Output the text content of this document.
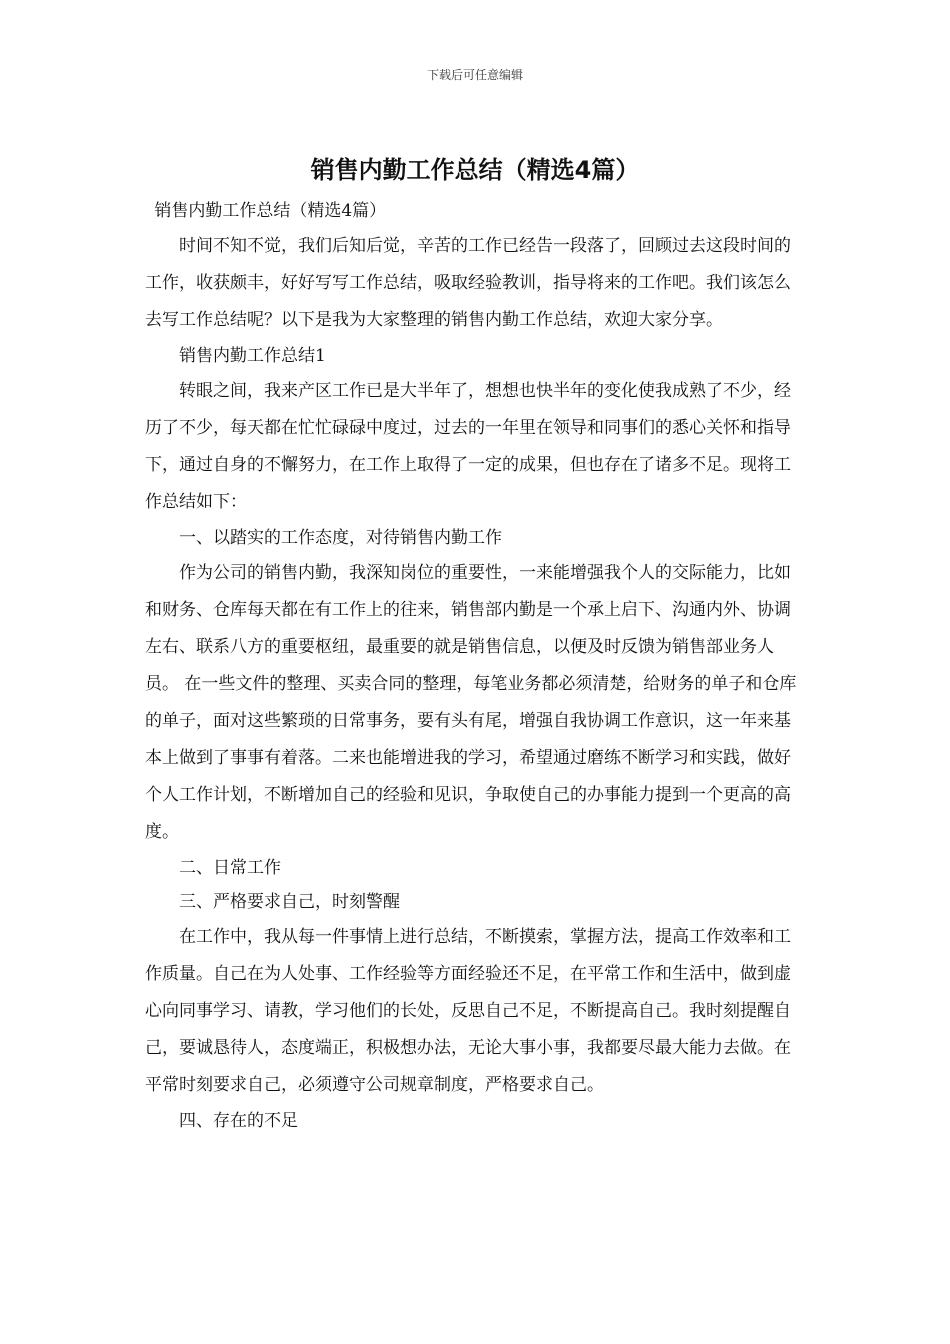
下载后可任意编辑
销售内勤工作总结（精选4篇）

销售内勤工作总结（精选4篇）

时间不知不觉，我们后知后觉，辛苦的工作已经告一段落了，回顾过去这段时间的工作，收获颇丰，好好写写工作总结，吸取经验教训，指导将来的工作吧。我们该怎么去写工作总结呢？以下是我为大家整理的销售内勤工作总结，欢迎大家分享。

销售内勤工作总结1

转眼之间，我来产区工作已是大半年了，想想也快半年的变化使我成熟了不少，经历了不少，每天都在忙忙碌碌中度过，过去的一年里在领导和同事们的悉心关怀和指导下，通过自身的不懈努力，在工作上取得了一定的成果，但也存在了诸多不足。现将工作总结如下：

一、以踏实的工作态度，对待销售内勤工作

作为公司的销售内勤，我深知岗位的重要性，一来能增强我个人的交际能力，比如和财务、仓库每天都在有工作上的往来，销售部内勤是一个承上启下、沟通内外、协调左右、联系八方的重要枢纽，最重要的就是销售信息，以便及时反馈为销售部业务人员。 在一些文件的整理、买卖合同的整理，每笔业务都必须清楚，给财务的单子和仓库的单子，面对这些繁琐的日常事务，要有头有尾，增强自我协调工作意识，这一年来基本上做到了事事有着落。二来也能增进我的学习，希望通过磨练不断学习和实践，做好个人工作计划，不断增加自己的经验和见识，争取使自己的办事能力提到一个更高的高度。

二、日常工作

三、严格要求自己，时刻警醒

在工作中，我从每一件事情上进行总结，不断摸索，掌握方法，提高工作效率和工作质量。自己在为人处事、工作经验等方面经验还不足，在平常工作和生活中，做到虚心向同事学习、请教，学习他们的长处，反思自己不足，不断提高自己。我时刻提醒自己，要诚恳待人，态度端正，积极想办法，无论大事小事，我都要尽最大能力去做。在平常时刻要求自己，必须遵守公司规章制度，严格要求自己。

四、存在的不足
